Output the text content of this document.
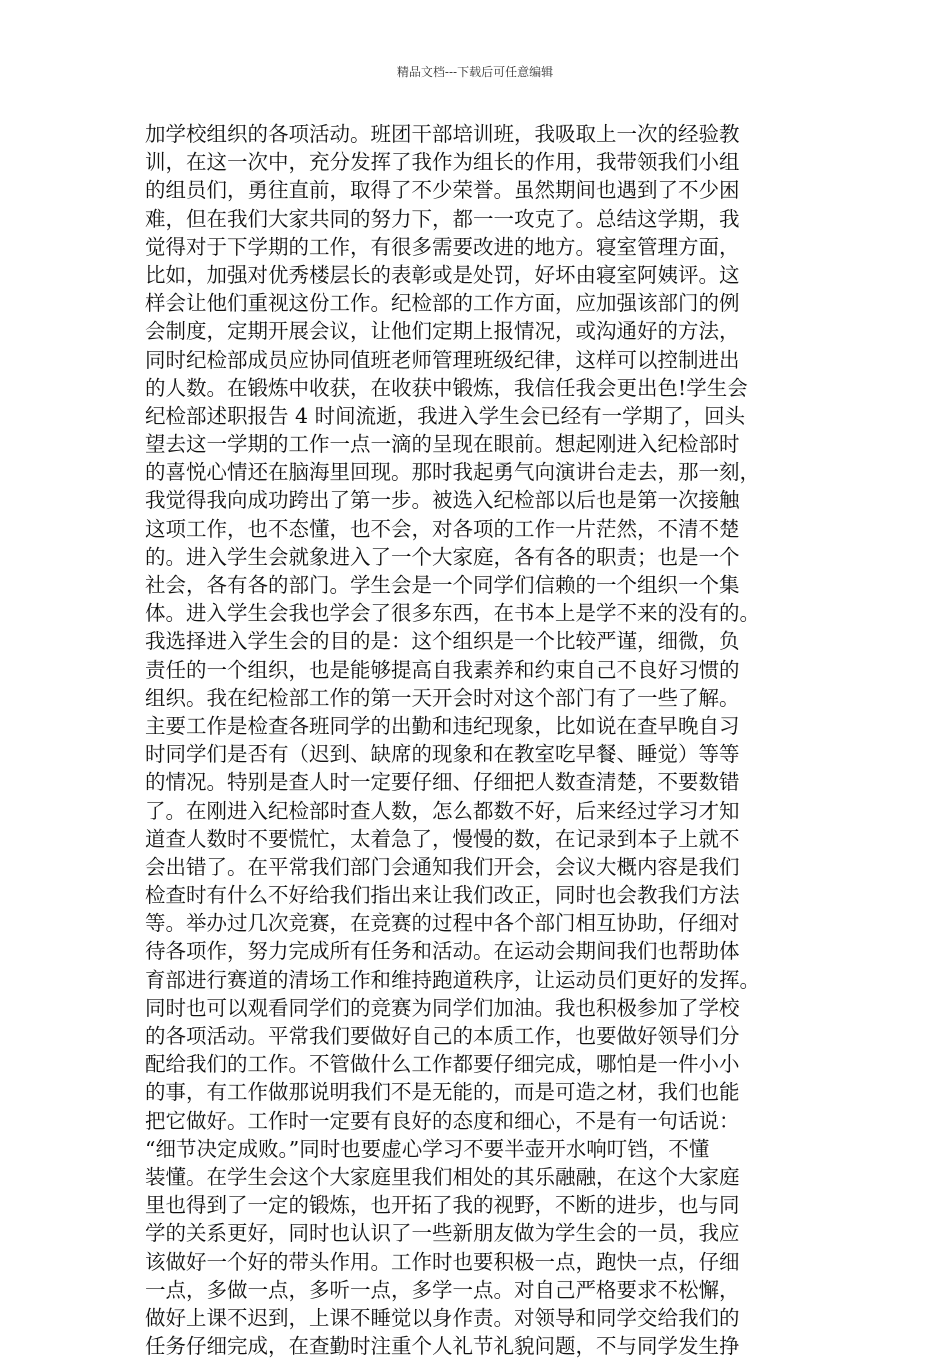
精品文档---下载后可任意编辑
加学校组织的各项活动。班团干部培训班，我吸取上一次的经验教
训，在这一次中，充分发挥了我作为组长的作用，我带领我们小组
的组员们，勇往直前，取得了不少荣誉。虽然期间也遇到了不少困
难，但在我们大家共同的努力下，都一一攻克了。总结这学期，我
觉得对于下学期的工作，有很多需要改进的地方。寝室管理方面，
比如，加强对优秀楼层长的表彰或是处罚，好坏由寝室阿姨评。这
样会让他们重视这份工作。纪检部的工作方面，应加强该部门的例
会制度，定期开展会议，让他们定期上报情况，或沟通好的方法，
同时纪检部成员应协同值班老师管理班级纪律，这样可以控制进出
的人数。在锻炼中收获，在收获中锻炼，我信任我会更出色!学生会
纪检部述职报告 4 时间流逝，我进入学生会已经有一学期了，回头
望去这一学期的工作一点一滴的呈现在眼前。想起刚进入纪检部时
的喜悦心情还在脑海里回现。那时我起勇气向演讲台走去，那一刻，
我觉得我向成功跨出了第一步。被选入纪检部以后也是第一次接触
这项工作，也不态懂，也不会，对各项的工作一片茫然，不清不楚
的。进入学生会就象进入了一个大家庭，各有各的职责；也是一个
社会，各有各的部门。学生会是一个同学们信赖的一个组织一个集
体。进入学生会我也学会了很多东西，在书本上是学不来的没有的。
我选择进入学生会的目的是：这个组织是一个比较严谨，细微，负
责任的一个组织，也是能够提高自我素养和约束自己不良好习惯的
组织。我在纪检部工作的第一天开会时对这个部门有了一些了解。
主要工作是检查各班同学的出勤和违纪现象，比如说在查早晚自习
时同学们是否有（迟到、缺席的现象和在教室吃早餐、睡觉）等等
的情况。特别是查人时一定要仔细、仔细把人数查清楚，不要数错
了。在刚进入纪检部时查人数，怎么都数不好，后来经过学习才知
道查人数时不要慌忙，太着急了，慢慢的数，在记录到本子上就不
会出错了。在平常我们部门会通知我们开会，会议大概内容是我们
检查时有什么不好给我们指出来让我们改正，同时也会教我们方法
等。举办过几次竞赛，在竞赛的过程中各个部门相互协助，仔细对
待各项作，努力完成所有任务和活动。在运动会期间我们也帮助体
育部进行赛道的清场工作和维持跑道秩序，让运动员们更好的发挥。
同时也可以观看同学们的竞赛为同学们加油。我也积极参加了学校
的各项活动。平常我们要做好自己的本质工作，也要做好领导们分
配给我们的工作。不管做什么工作都要仔细完成，哪怕是一件小小
的事，有工作做那说明我们不是无能的，而是可造之材，我们也能
把它做好。工作时一定要有良好的态度和细心，不是有一句话说：
“细节决定成败。”同时也要虚心学习不要半壶开水响叮铛，不懂
装懂。在学生会这个大家庭里我们相处的其乐融融，在这个大家庭
里也得到了一定的锻炼，也开拓了我的视野，不断的进步，也与同
学的关系更好，同时也认识了一些新朋友做为学生会的一员，我应
该做好一个好的带头作用。工作时也要积极一点，跑快一点，仔细
一点，多做一点，多听一点，多学一点。对自己严格要求不松懈，
做好上课不迟到，上课不睡觉以身作责。对领导和同学交给我们的
任务仔细完成，在查勤时注重个人礼节礼貌问题，不与同学发生挣
